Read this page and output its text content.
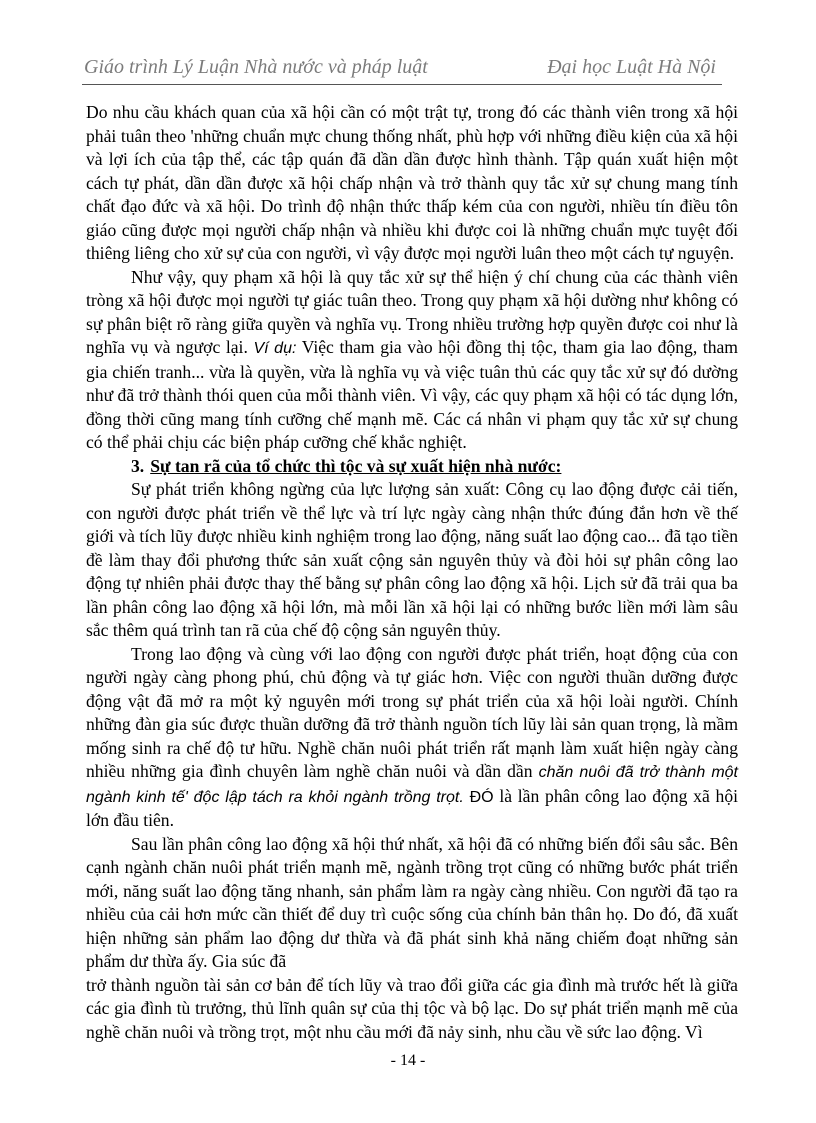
Giáo trình Lý Luận Nhà nước và pháp luật	Đại học Luật Hà Nội

Do nhu cầu khách quan của xã hội cần có một trật tự, trong đó các thành viên trong xã hội phải tuân theo 'những chuẩn mực chung thống nhất, phù hợp với những điều kiện của xã hội và lợi ích của tập thể, các tập quán đã dần dần được hình thành. Tập quán xuất hiện một cách tự phát, dần dần được xã hội chấp nhận và trở thành quy tắc xử sự chung mang tính chất đạo đức và xã hội. Do trình độ nhận thức thấp kém của con người, nhiều tín điều tôn giáo cũng được mọi người chấp nhận và nhiều khi được coi là những chuẩn mực tuyệt đối thiêng liêng cho xử sự của con người, vì vậy được mọi người luân theo một cách tự nguyện.

Như vậy, quy phạm xã hội là quy tắc xử sự thể hiện ý chí chung của các thành viên tròng xã hội được mọi người tự giác tuân theo. Trong quy phạm xã hội dường như không có sự phân biệt rõ ràng giữa quyền và nghĩa vụ. Trong nhiều trường hợp quyền được coi như là nghĩa vụ và ngược lại. Ví dụ: Việc tham gia vào hội đồng thị tộc, tham gia lao động, tham gia chiến tranh... vừa là quyền, vừa là nghĩa vụ và việc tuân thủ các quy tắc xử sự đó dường như đã trở thành thói quen của mỗi thành viên. Vì vậy, các quy phạm xã hội có tác dụng lớn, đồng thời cũng mang tính cưỡng chế mạnh mẽ. Các cá nhân vi phạm quy tắc xử sự chung có thể phải chịu các biện pháp cưỡng chế khắc nghiệt.

3. Sự tan rã của tổ chức thì tộc và sự xuất hiện nhà nước:

Sự phát triển không ngừng của lực lượng sản xuất: Công cụ lao động được cải tiến, con người được phát triển về thể lực và trí lực ngày càng nhận thức đúng đắn hơn về thế giới và tích lũy được nhiều kinh nghiệm trong lao động, năng suất lao động cao... đã tạo tiền đề làm thay đổi phương thức sản xuất cộng sản nguyên thủy và đòi hỏi sự phân công lao động tự nhiên phải được thay thế bằng sự phân công lao động xã hội. Lịch sử đã trải qua ba lần phân công lao động xã hội lớn, mà mỗi lần xã hội lại có những bước liền mới làm sâu sắc thêm quá trình tan rã của chế độ cộng sản nguyên thủy.

Trong lao động và cùng với lao động con người được phát triển, hoạt động của con người ngày càng phong phú, chủ động và tự giác hơn. Việc con người thuần dưỡng được động vật đã mở ra một kỷ nguyên mới trong sự phát triển của xã hội loài người. Chính những đàn gia súc được thuần dưỡng đã trở thành nguồn tích lũy lài sản quan trọng, là mầm mống sinh ra chế độ tư hữu. Nghề chăn nuôi phát triển rất mạnh làm xuất hiện ngày càng nhiều những gia đình chuyên làm nghề chăn nuôi và dần dần chăn nuôi đã trở thành một ngành kinh tế' độc lập tách ra khỏi ngành trồng trọt. ĐÓ là lần phân công lao động xã hội lớn đầu tiên.

Sau lần phân công lao động xã hội thứ nhất, xã hội đã có những biến đổi sâu sắc. Bên cạnh ngành chăn nuôi phát triển mạnh mẽ, ngành trồng trọt cũng có những bước phát triển mới, năng suất lao động tăng nhanh, sản phẩm làm ra ngày càng nhiều. Con người đã tạo ra nhiều của cải hơn mức cần thiết để duy trì cuộc sống của chính bản thân họ. Do đó, đã xuất hiện những sản phẩm lao động dư thừa và đã phát sinh khả năng chiếm đoạt những sản phẩm dư thừa ấy. Gia súc đã

trở thành nguồn tài sản cơ bản để tích lũy và trao đổi giữa các gia đình mà trước hết là giữa các gia đình tù trưởng, thủ lĩnh quân sự của thị tộc và bộ lạc. Do sự phát triển mạnh mẽ của nghề chăn nuôi và trồng trọt, một nhu cầu mới đã nảy sinh, nhu cầu về sức lao động. Vì

- 14 -
